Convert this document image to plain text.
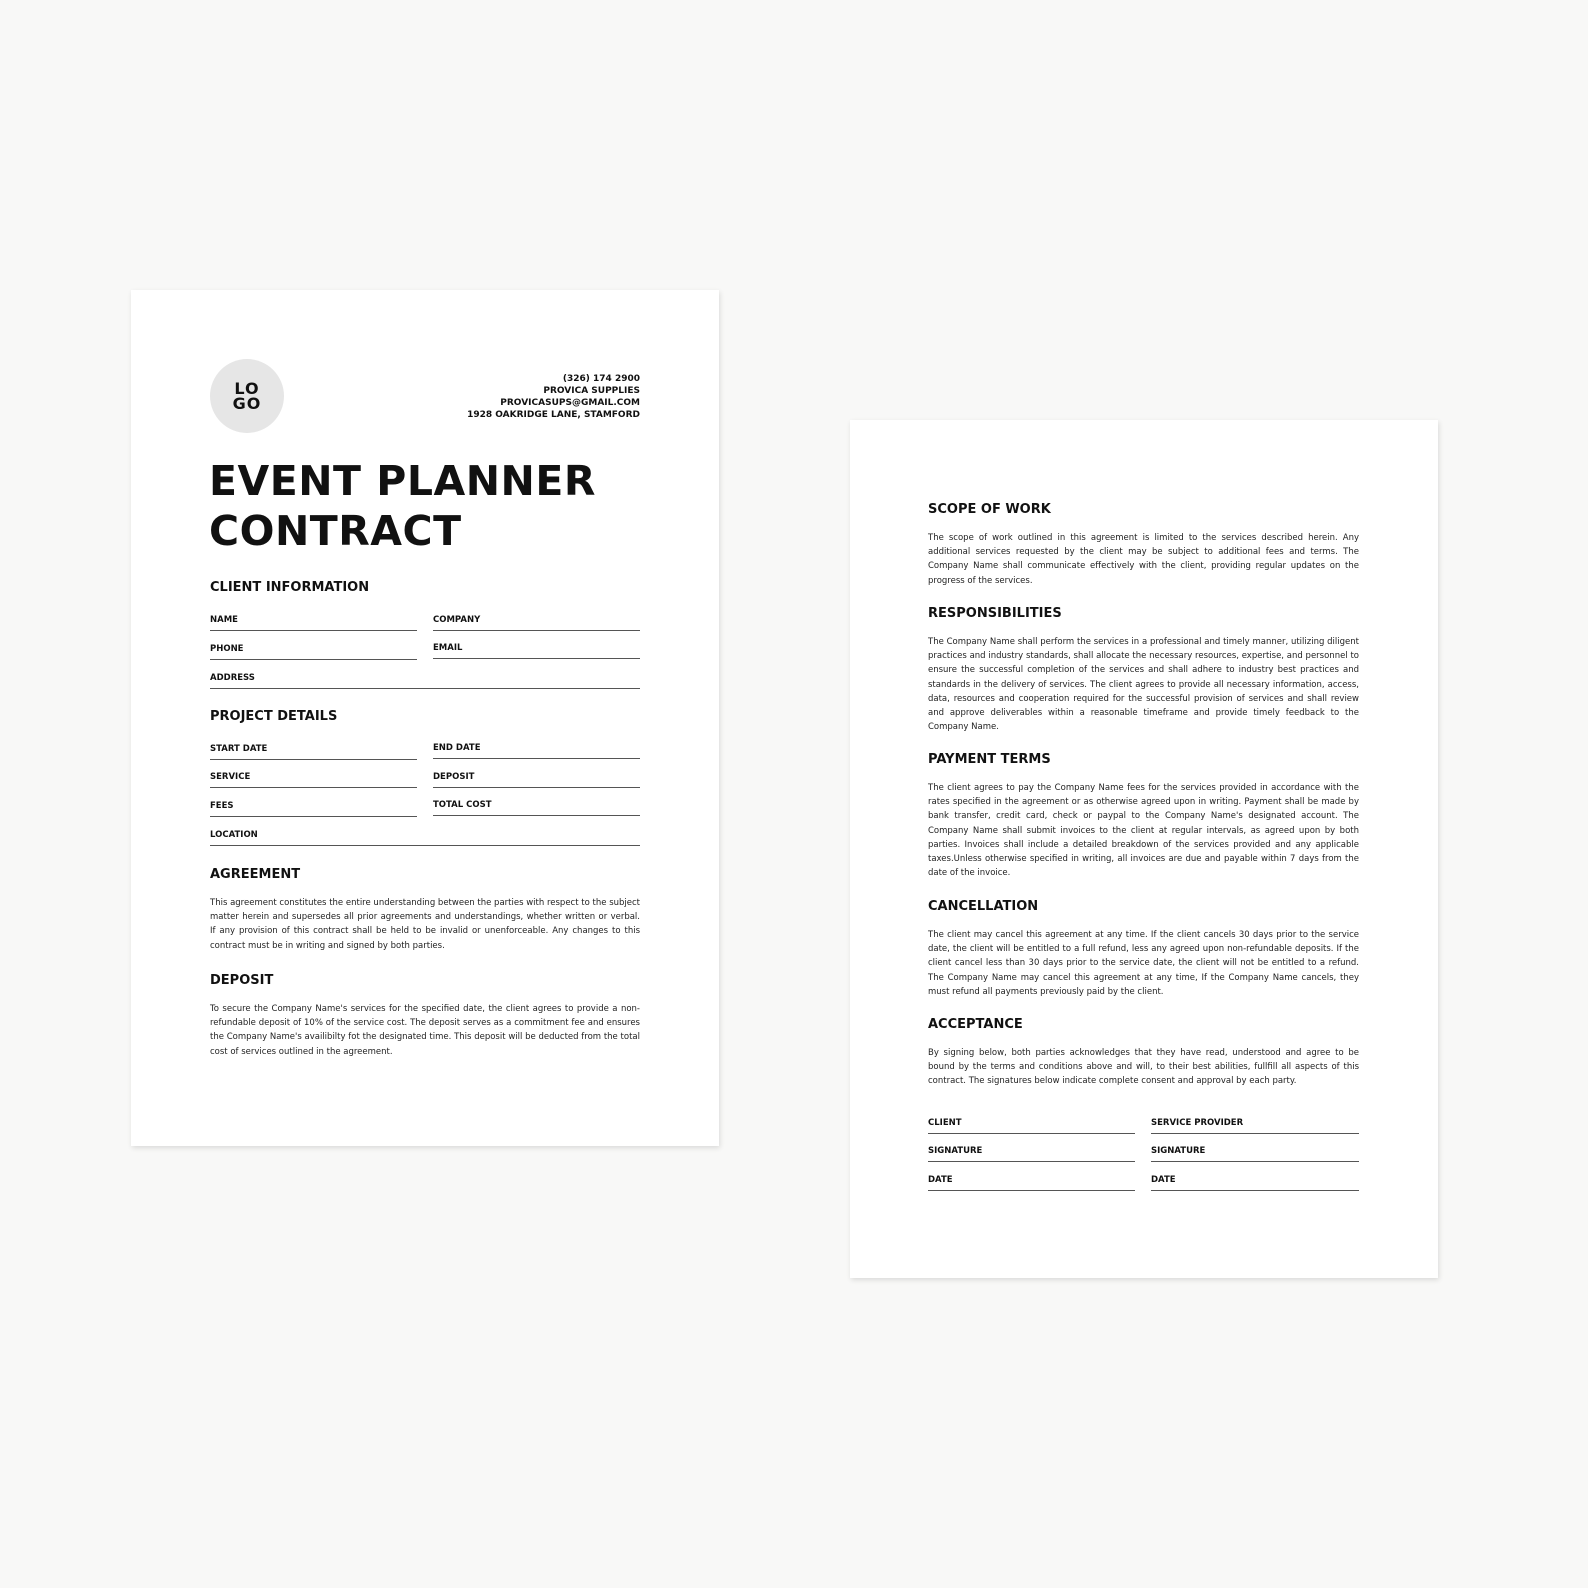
LOGO
(326) 174 2900
PROVICA SUPPLIES
PROVICASUPS@GMAIL.COM
1928 OAKRIDGE LANE, STAMFORD
EVENT PLANNER
CONTRACT
CLIENT INFORMATION
NAME	COMPANY
PHONE	EMAIL
ADDRESS
PROJECT DETAILS
START DATE	END DATE
SERVICE	DEPOSIT
FEES	TOTAL COST
LOCATION
AGREEMENT
This agreement constitutes the entire understanding between the parties with respect to the subject matter herein and supersedes all prior agreements and understandings, whether written or verbal. If any provision of this contract shall be held to be invalid or unenforceable. Any changes to this contract must be in writing and signed by both parties.
DEPOSIT
To secure the Company Name's services for the specified date, the client agrees to provide a non-refundable deposit of 10% of the service cost. The deposit serves as a commitment fee and ensures the Company Name's availibilty fot the designated time. This deposit will be deducted from the total cost of services outlined in the agreement.
SCOPE OF WORK
The scope of work outlined in this agreement is limited to the services described herein. Any additional services requested by the client may be subject to additional fees and terms. The Company Name shall communicate effectively with the client, providing regular updates on the progress of the services.
RESPONSIBILITIES
The Company Name shall perform the services in a professional and timely manner, utilizing diligent practices and industry standards, shall allocate the necessary resources, expertise, and personnel to ensure the successful completion of the services and shall adhere to industry best practices and standards in the delivery of services. The client agrees to provide all necessary information, access, data, resources and cooperation required for the successful provision of services and shall review and approve deliverables within a reasonable timeframe and provide timely feedback to the Company Name.
PAYMENT TERMS
The client agrees to pay the Company Name fees for the services provided in accordance with the rates specified in the agreement or as otherwise agreed upon in writing. Payment shall be made by bank transfer, credit card, check or paypal to the Company Name's designated account. The Company Name shall submit invoices to the client at regular intervals, as agreed upon by both parties. Invoices shall include a detailed breakdown of the services provided and any applicable taxes.Unless otherwise specified in writing, all invoices are due and payable within 7 days from the date of the invoice.
CANCELLATION
The client may cancel this agreement at any time. If the client cancels 30 days prior to the service date, the client will be entitled to a full refund, less any agreed upon non-refundable deposits. If the client cancel less than 30 days prior to the service date, the client will not be entitled to a refund. The Company Name may cancel this agreement at any time, If the Company Name cancels, they must refund all payments previously paid by the client.
ACCEPTANCE
By signing below, both parties acknowledges that they have read, understood and agree to be bound by the terms and conditions above and will, to their best abilities, fullfill all aspects of this contract. The signatures below indicate complete consent and approval by each party.
CLIENT	SERVICE PROVIDER
SIGNATURE	SIGNATURE
DATE	DATE
